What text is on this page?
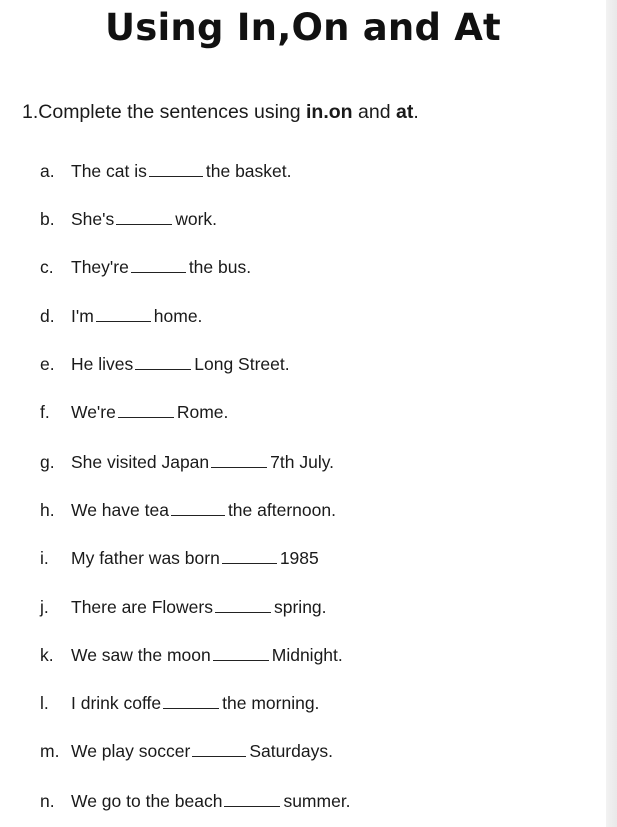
Using In,On and At
1.Complete the sentences using in.on and at.
a. The cat is	the basket.
b. She's	work.
c. They're	the bus.
d. I'm	home.
e. He lives	Long Street.
f. We're	Rome.
g. She visited Japan	7th July.
h. We have tea	the afternoon.
i. My father was born	1985
j. There are Flowers	spring.
k. We saw the moon	Midnight.
l. I drink coffe	the morning.
m. We play soccer	Saturdays.
n. We go to the beach	summer.
